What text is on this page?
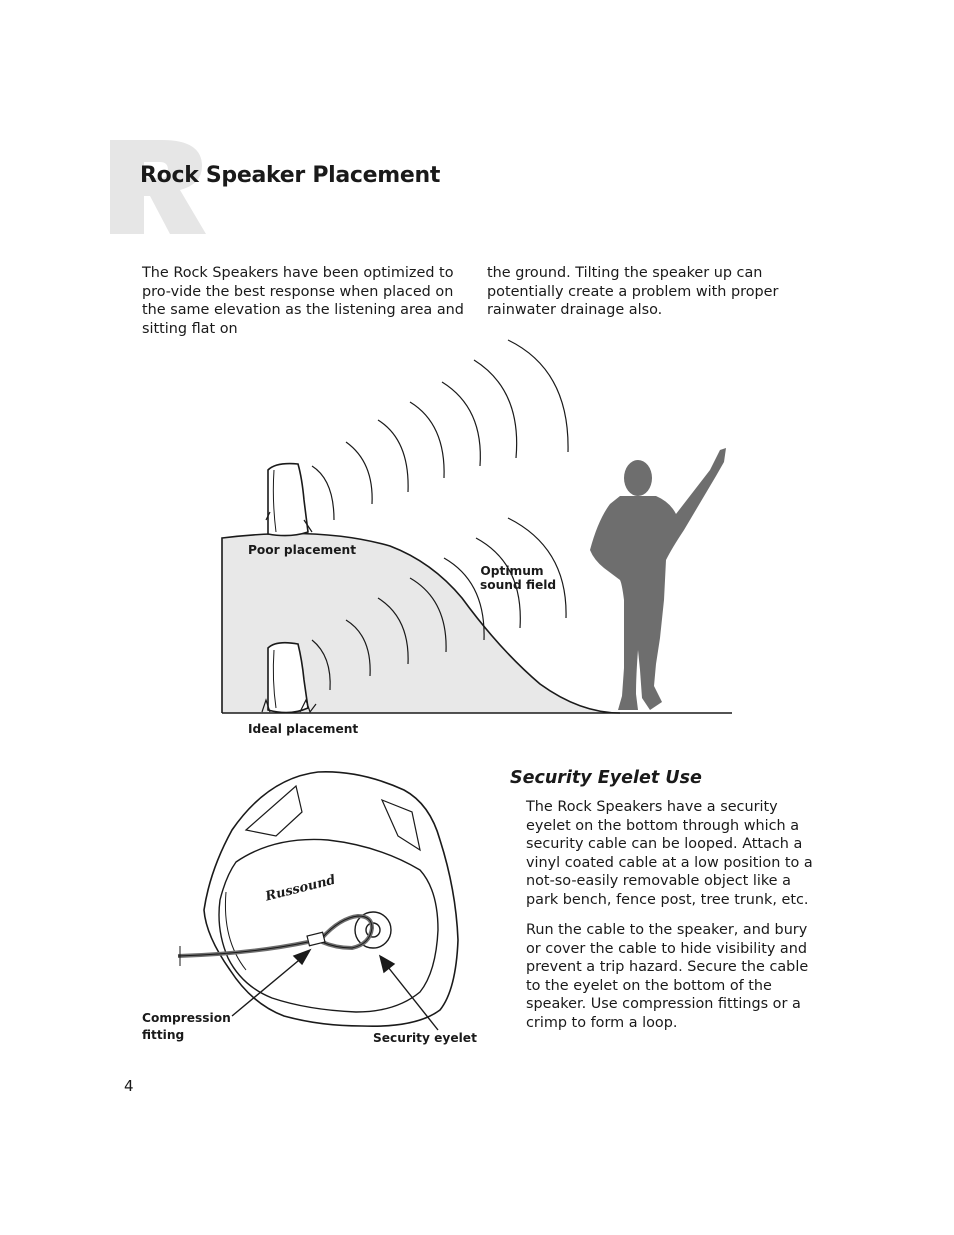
Rock Speaker Placement

The Rock Speakers have been optimized to pro-vide the best response when placed on the same elevation as the listening area and sitting flat on

the ground. Tilting the speaker up can potentially create a problem with proper rainwater drainage also.

Poor placement
Ideal placement
Optimum
sound field
Russound
Compression
fitting	Security eyelet
Security Eyelet Use

The Rock Speakers have a security eyelet on the bottom through which a security cable can be looped. Attach a vinyl coated cable at a low position to a not-so-easily removable object like a park bench, fence post, tree trunk, etc.

Run the cable to the speaker, and bury or cover the cable to hide visibility and prevent a trip hazard. Secure the cable to the eyelet on the bottom of the speaker. Use compression fittings or a crimp to form a loop.

4
